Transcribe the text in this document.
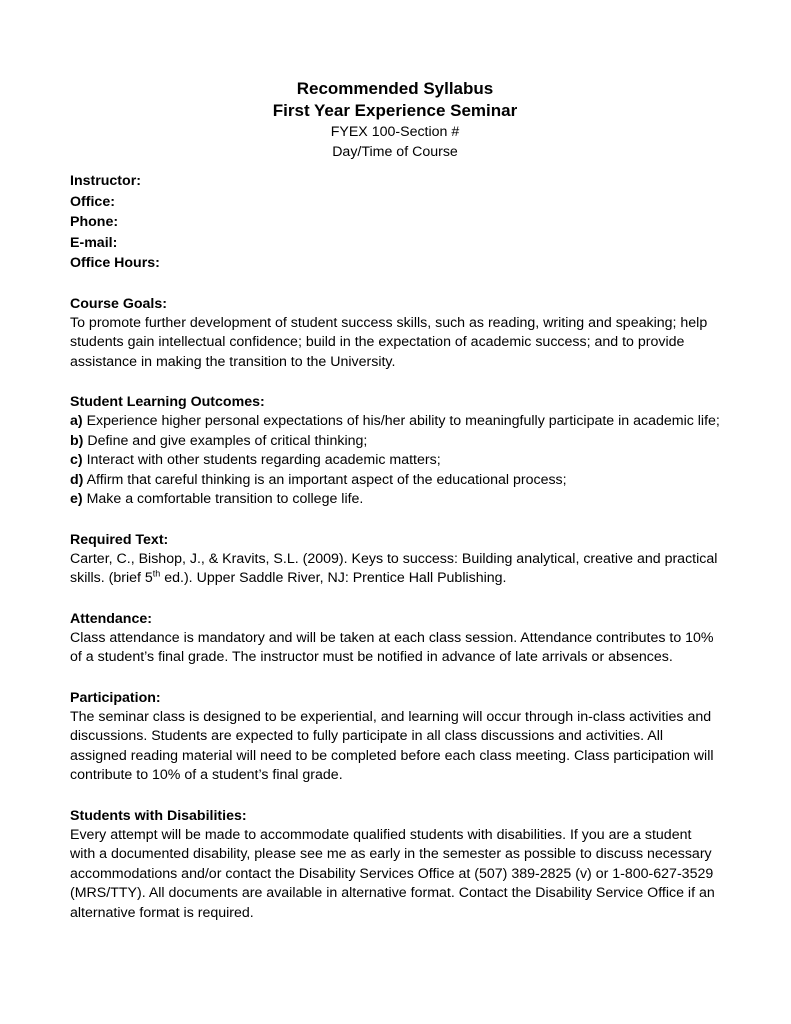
Recommended Syllabus
First Year Experience Seminar
FYEX 100-Section #
Day/Time of Course
Instructor:
Office:
Phone:
E-mail:
Office Hours:
Course Goals:
To promote further development of student success skills, such as reading, writing and speaking; help students gain intellectual confidence; build in the expectation of academic success; and to provide assistance in making the transition to the University.
Student Learning Outcomes:
a) Experience higher personal expectations of his/her ability to meaningfully participate in academic life;
b) Define and give examples of critical thinking;
c) Interact with other students regarding academic matters;
d) Affirm that careful thinking is an important aspect of the educational process;
e) Make a comfortable transition to college life.
Required Text:
Carter, C., Bishop, J., & Kravits, S.L. (2009). Keys to success: Building analytical, creative and practical
skills. (brief 5th ed.). Upper Saddle River, NJ: Prentice Hall Publishing.
Attendance:
Class attendance is mandatory and will be taken at each class session. Attendance contributes to 10% of a student’s final grade. The instructor must be notified in advance of late arrivals or absences.
Participation:
The seminar class is designed to be experiential, and learning will occur through in-class activities and discussions. Students are expected to fully participate in all class discussions and activities. All assigned reading material will need to be completed before each class meeting. Class participation will contribute to 10% of a student’s final grade.
Students with Disabilities:
Every attempt will be made to accommodate qualified students with disabilities. If you are a student with a documented disability, please see me as early in the semester as possible to discuss necessary accommodations and/or contact the Disability Services Office at (507) 389-2825 (v) or 1-800-627-3529 (MRS/TTY). All documents are available in alternative format. Contact the Disability Service Office if an alternative format is required.
